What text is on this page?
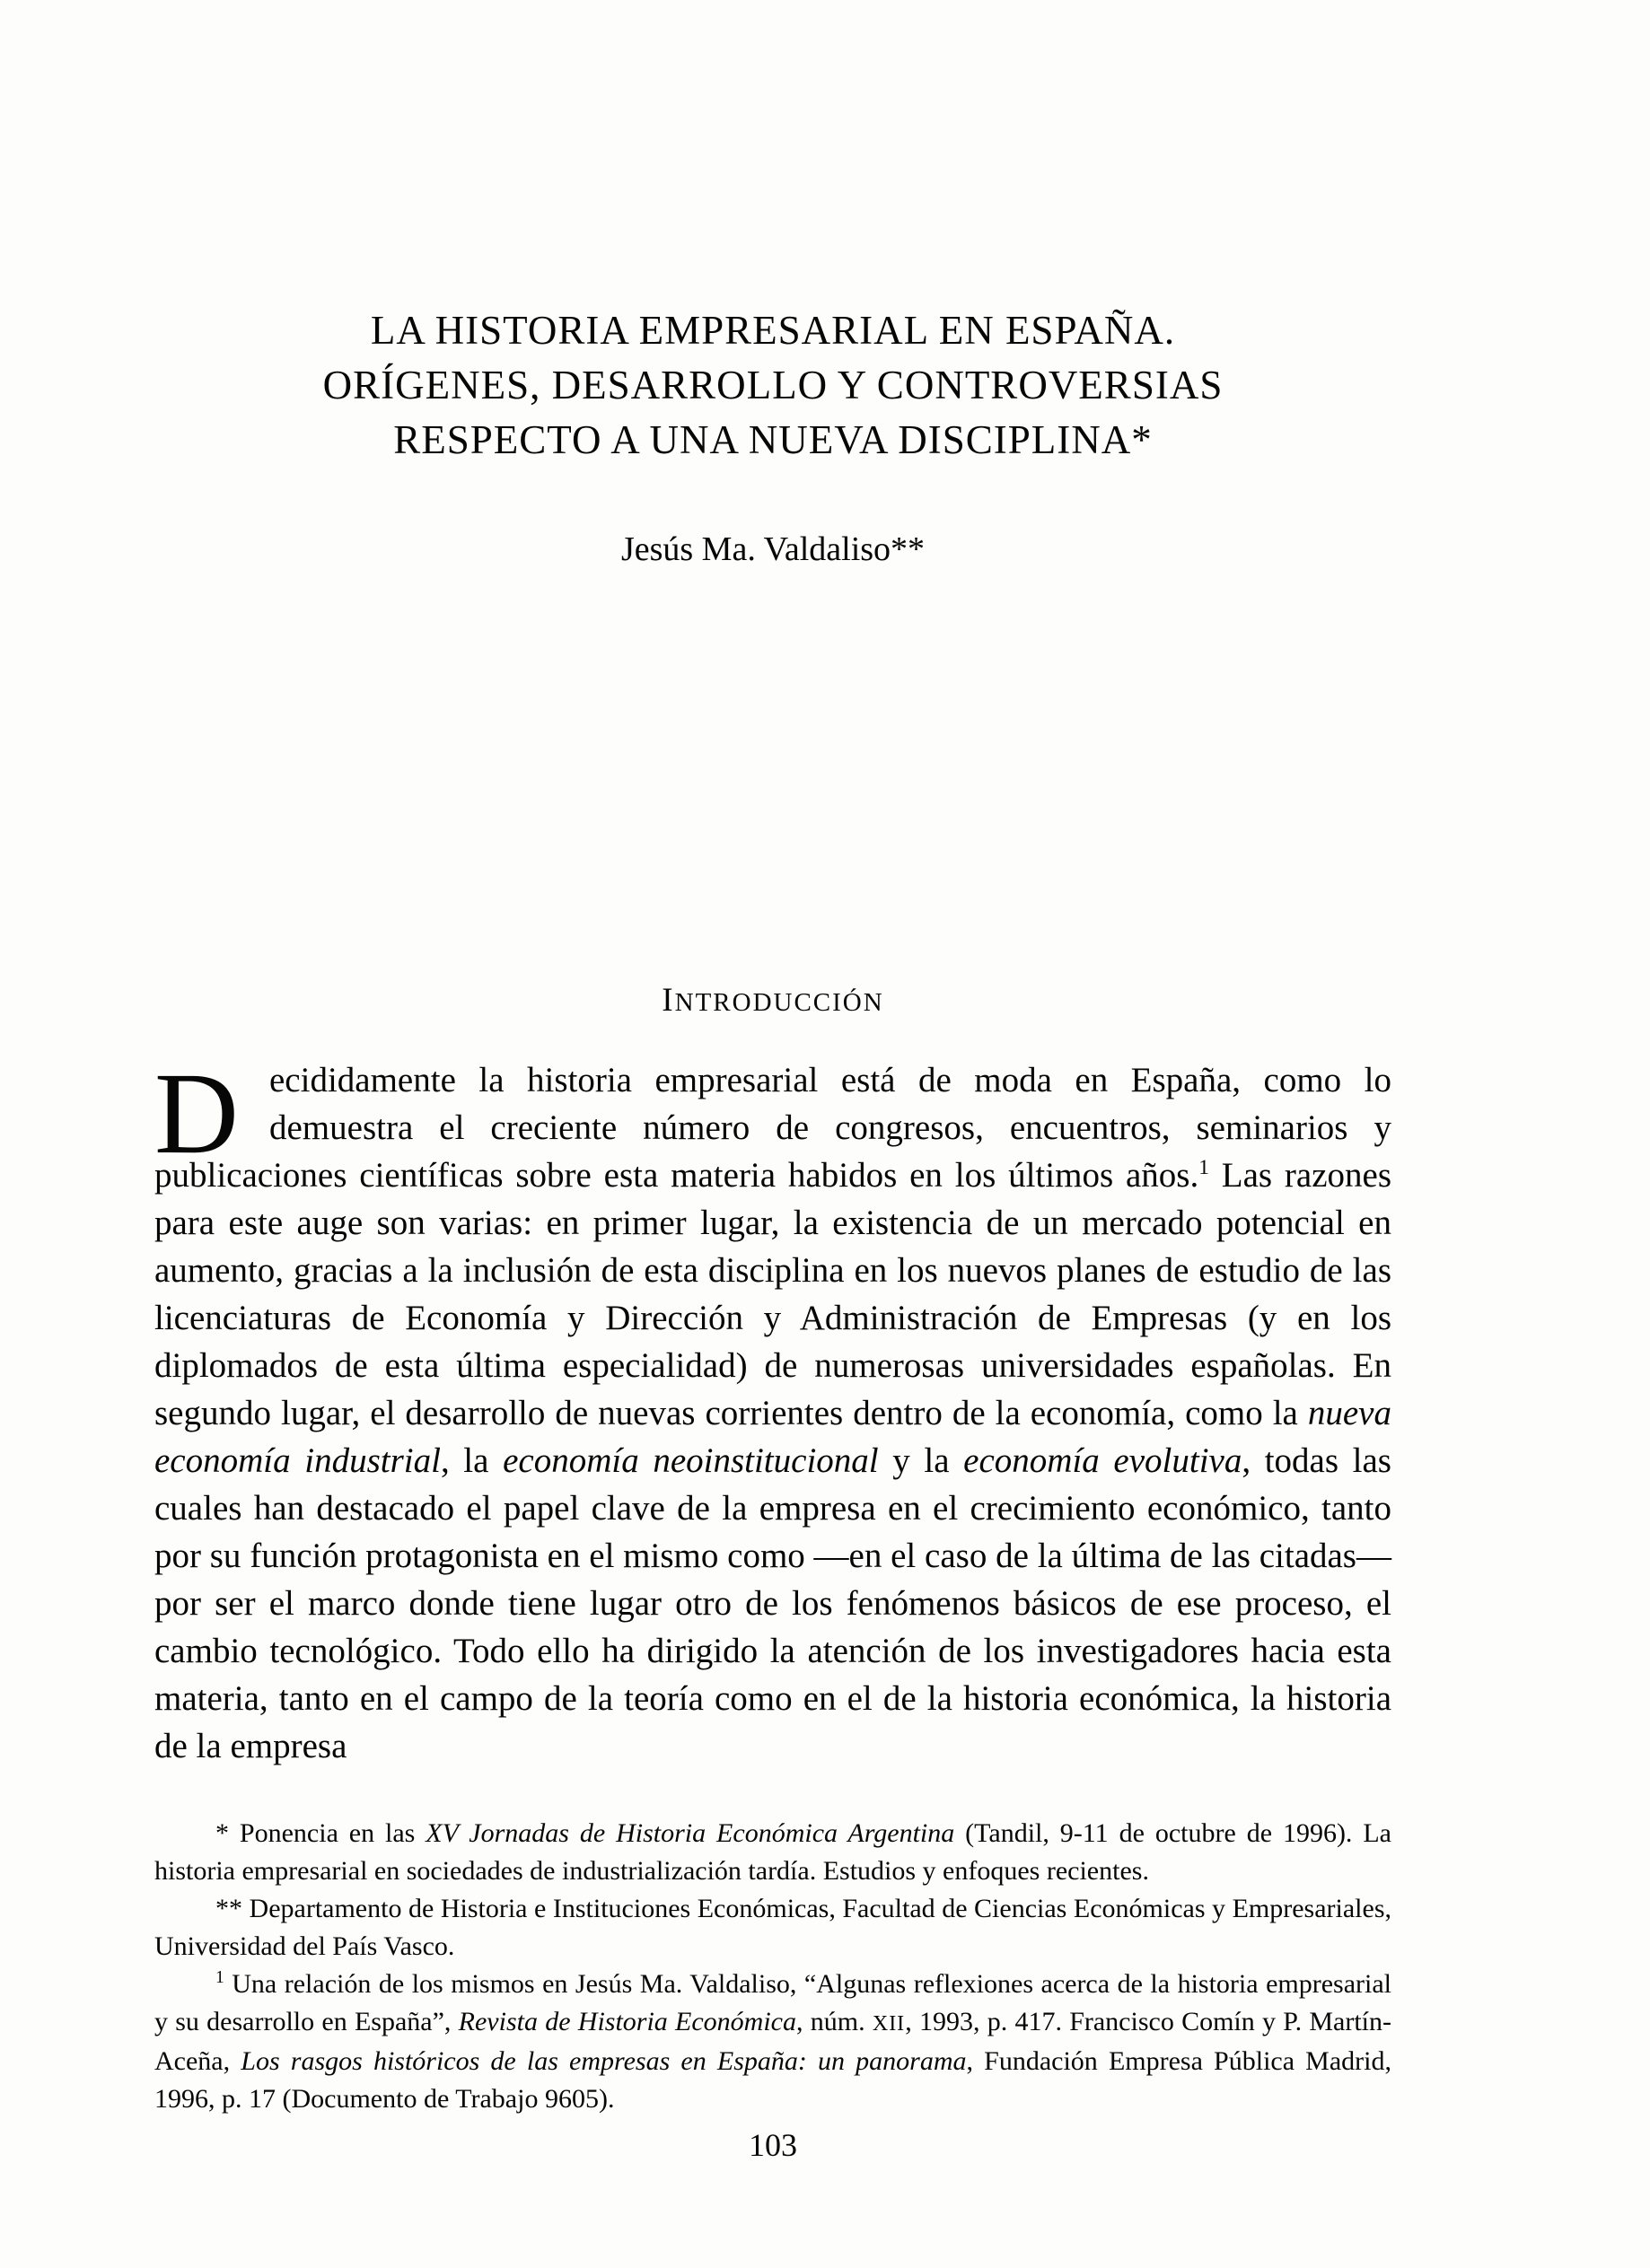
LA HISTORIA EMPRESARIAL EN ESPAÑA.
ORÍGENES, DESARROLLO Y CONTROVERSIAS
RESPECTO A UNA NUEVA DISCIPLINA*
Jesús Ma. Valdaliso**
INTRODUCCIÓN

Decididamente la historia empresarial está de moda en España, como lo demuestra el creciente número de congresos, encuentros, seminarios y publicaciones científicas sobre esta materia habidos en los últimos años.$^1$ Las razones para este auge son varias: en primer lugar, la existencia de un mercado potencial en aumento, gracias a la inclusión de esta disciplina en los nuevos planes de estudio de las licenciaturas de Economía y Dirección y Administración de Empresas (y en los diplomados de esta última especialidad) de numerosas universidades españolas. En segundo lugar, el desarrollo de nuevas corrientes dentro de la economía, como la nueva economía industrial, la economía neoinstitucional y la economía evolutiva, todas las cuales han destacado el papel clave de la empresa en el crecimiento económico, tanto por su función protagonista en el mismo como —en el caso de la última de las citadas— por ser el marco donde tiene lugar otro de los fenómenos básicos de ese proceso, el cambio tecnológico. Todo ello ha dirigido la atención de los investigadores hacia esta materia, tanto en el campo de la teoría como en el de la historia económica, la historia de la empresa

* Ponencia en las XV Jornadas de Historia Económica Argentina (Tandil, 9-11 de octubre de 1996). La historia empresarial en sociedades de industrialización tardía. Estudios y enfoques recientes.

** Departamento de Historia e Instituciones Económicas, Facultad de Ciencias Económicas y Empresariales, Universidad del País Vasco.

$^1$ Una relación de los mismos en Jesús Ma. Valdaliso, “Algunas reflexiones acerca de la historia empresarial y su desarrollo en España”, Revista de Historia Económica, núm. XII, 1993, p. 417. Francisco Comín y P. Martín-Aceña, Los rasgos históricos de las empresas en España: un panorama, Fundación Empresa Pública Madrid, 1996, p. 17 (Documento de Trabajo 9605).

103
